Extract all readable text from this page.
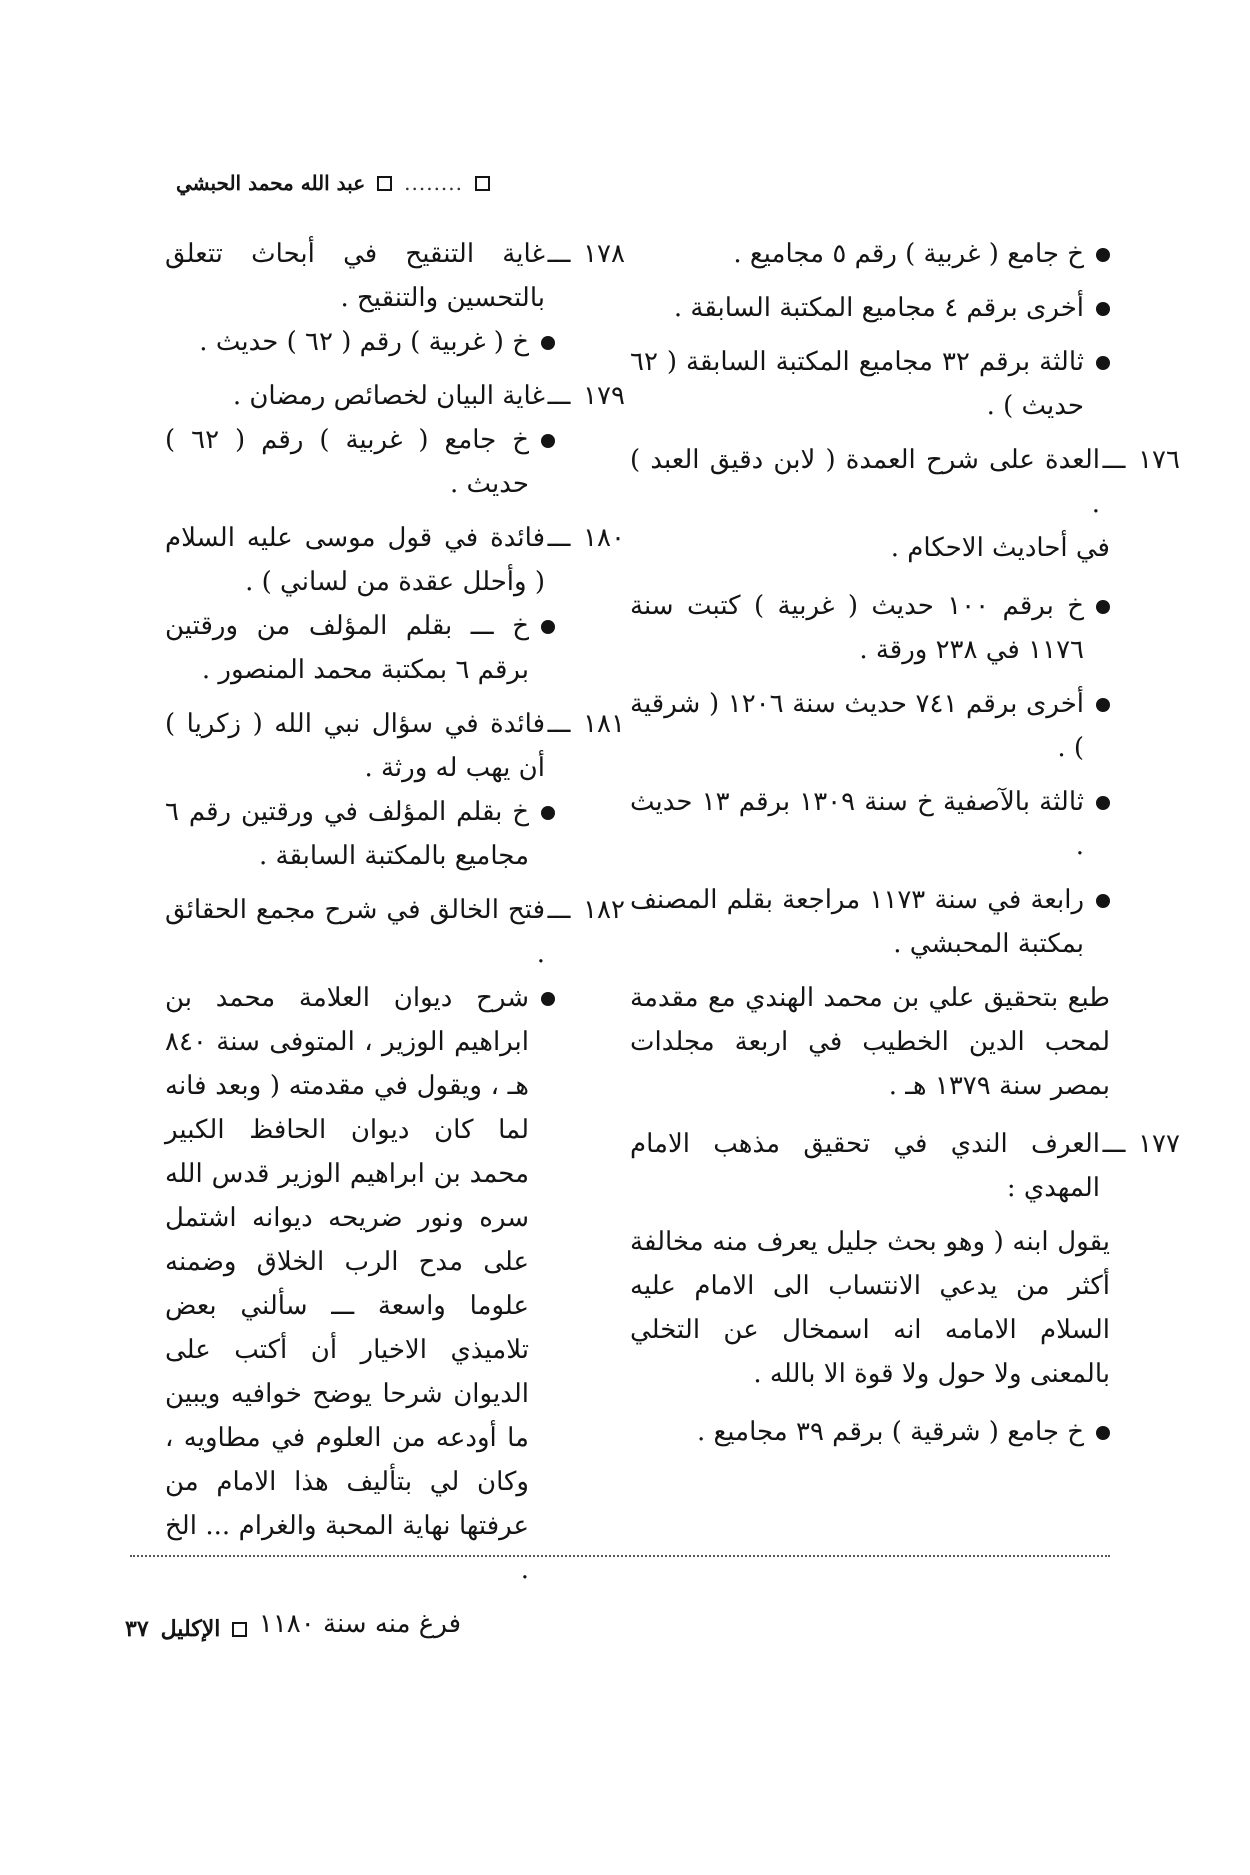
........
عبد الله محمد الحبشي
خ جامع ( غربية ) رقم ٥ مجاميع .
أخرى برقم ٤ مجاميع المكتبة السابقة .
ثالثة برقم ٣٢ مجاميع المكتبة السابقة ( ٦٢ حديث ) .
١٧٦
ـــ
العدة على شرح العمدة ( لابن دقيق العبد ) .
في أحاديث الاحكام .
خ برقم ١٠٠ حديث ( غربية ) كتبت سنة ١١٧٦ في ٢٣٨ ورقة .
أخرى برقم ٧٤١ حديث سنة ١٢٠٦ ( شرقية ) .
ثالثة بالآصفية خ سنة ١٣٠٩ برقم ١٣ حديث .
رابعة في سنة ١١٧٣ مراجعة بقلم المصنف بمكتبة المحبشي .
طبع بتحقيق علي بن محمد الهندي مع مقدمة لمحب الدين الخطيب في اربعة مجلدات بمصر سنة ١٣٧٩ هـ .
١٧٧
ـــ
العرف الندي في تحقيق مذهب الامام المهدي :
يقول ابنه ( وهو بحث جليل يعرف منه مخالفة أكثر من يدعي الانتساب الى الامام عليه السلام الامامه انه اسمخال عن التخلي بالمعنى ولا حول ولا قوة الا بالله .
خ جامع ( شرقية ) برقم ٣٩ مجاميع .
١٧٨
ـــ
غاية التنقيح في أبحاث تتعلق بالتحسين والتنقيح .
خ ( غربية ) رقم ( ٦٢ ) حديث .
١٧٩
ـــ
غاية البيان لخصائص رمضان .
خ جامع ( غربية ) رقم ( ٦٢ ) حديث .
١٨٠
ـــ
فائدة في قول موسى عليه السلام ( وأحلل عقدة من لساني ) .
خ ـــ بقلم المؤلف من ورقتين برقم ٦ بمكتبة محمد المنصور .
١٨١
ـــ
فائدة في سؤال نبي الله ( زكريا ) أن يهب له ورثة .
خ بقلم المؤلف في ورقتين رقم ٦ مجاميع بالمكتبة السابقة .
١٨٢
ـــ
فتح الخالق في شرح مجمع الحقائق .
شرح ديوان العلامة محمد بن ابراهيم الوزير ، المتوفى سنة ٨٤٠ هـ ، ويقول في مقدمته ( وبعد فانه لما كان ديوان الحافظ الكبير محمد بن ابراهيم الوزير قدس الله سره ونور ضريحه ديوانه اشتمل على مدح الرب الخلاق وضمنه علوما واسعة ـــ سألني بعض تلاميذي الاخيار أن أكتب على الديوان شرحا يوضح خوافيه ويبين ما أودعه من العلوم في مطاويه ، وكان لي بتأليف هذا الامام من عرفتها نهاية المحبة والغرام ... الخ .
فرغ منه سنة ١١٨٠
الإكليل
٣٧
